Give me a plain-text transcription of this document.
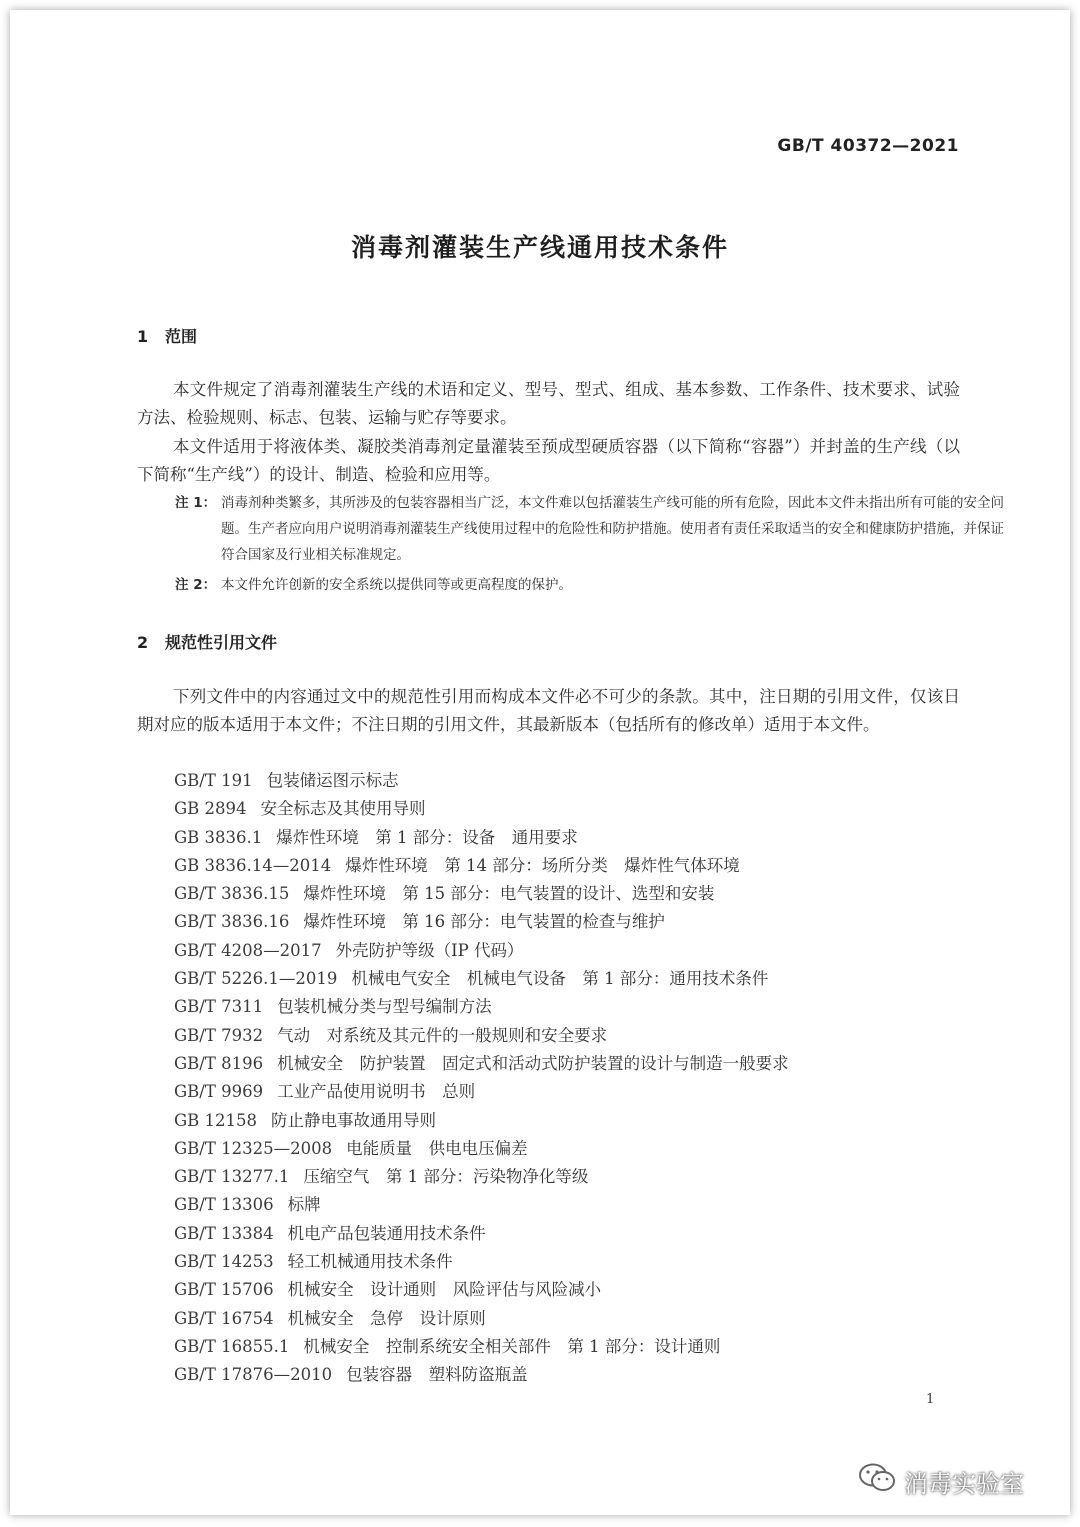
GB/T 40372—2021
消毒剂灌装生产线通用技术条件
1 范围

本文件规定了消毒剂灌装生产线的术语和定义、型号、型式、组成、基本参数、工作条件、技术要求、试验方法、检验规则、标志、包装、运输与贮存等要求。

本文件适用于将液体类、凝胶类消毒剂定量灌装至预成型硬质容器（以下简称“容器”）并封盖的生产线（以下简称“生产线”）的设计、制造、检验和应用等。

注 1： 消毒剂种类繁多，其所涉及的包装容器相当广泛，本文件难以包括灌装生产线可能的所有危险，因此本文件未指出所有可能的安全问题。生产者应向用户说明消毒剂灌装生产线使用过程中的危险性和防护措施。使用者有责任采取适当的安全和健康防护措施，并保证符合国家及行业相关标准规定。

注 2： 本文件允许创新的安全系统以提供同等或更高程度的保护。

2 规范性引用文件

下列文件中的内容通过文中的规范性引用而构成本文件必不可少的条款。其中，注日期的引用文件，仅该日期对应的版本适用于本文件；不注日期的引用文件，其最新版本（包括所有的修改单）适用于本文件。

GB/T 191 包装储运图示标志
GB 2894 安全标志及其使用导则
GB 3836.1 爆炸性环境　第 1 部分：设备　通用要求
GB 3836.14—2014 爆炸性环境　第 14 部分：场所分类　爆炸性气体环境
GB/T 3836.15 爆炸性环境　第 15 部分：电气装置的设计、选型和安装
GB/T 3836.16 爆炸性环境　第 16 部分：电气装置的检查与维护
GB/T 4208—2017 外壳防护等级（IP 代码）
GB/T 5226.1—2019 机械电气安全　机械电气设备　第 1 部分：通用技术条件
GB/T 7311 包装机械分类与型号编制方法
GB/T 7932 气动　对系统及其元件的一般规则和安全要求
GB/T 8196 机械安全　防护装置　固定式和活动式防护装置的设计与制造一般要求
GB/T 9969 工业产品使用说明书　总则
GB 12158 防止静电事故通用导则
GB/T 12325—2008 电能质量　供电电压偏差
GB/T 13277.1 压缩空气　第 1 部分：污染物净化等级
GB/T 13306 标牌
GB/T 13384 机电产品包装通用技术条件
GB/T 14253 轻工机械通用技术条件
GB/T 15706 机械安全　设计通则　风险评估与风险减小
GB/T 16754 机械安全　急停　设计原则
GB/T 16855.1 机械安全　控制系统安全相关部件　第 1 部分：设计通则
GB/T 17876—2010 包装容器　塑料防盗瓶盖
1
消毒实验室
